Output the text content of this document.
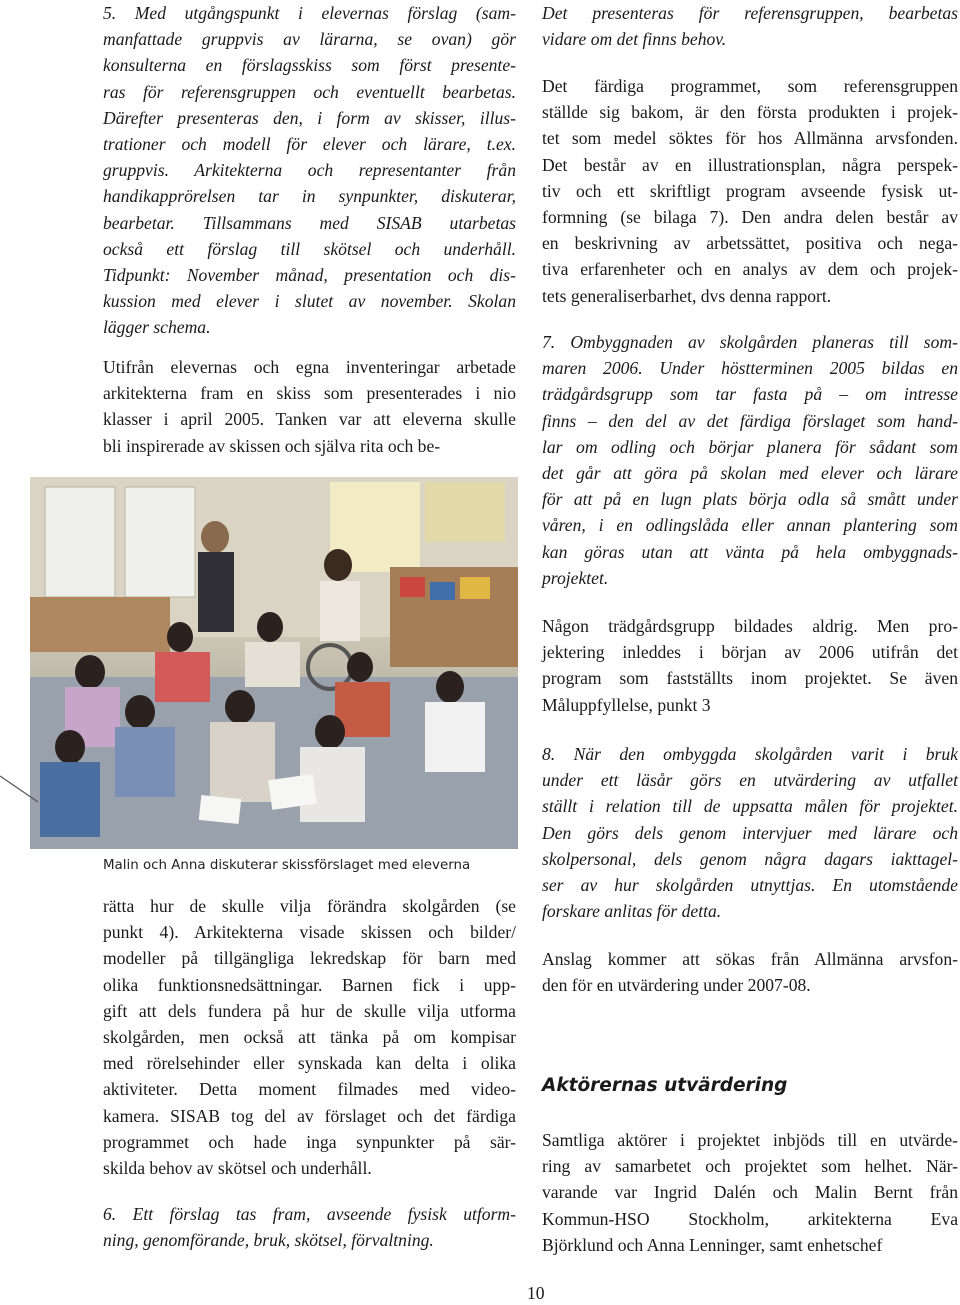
5. Med utgångspunkt i elevernas förslag (sam-
manfattade gruppvis av lärarna, se ovan) gör
konsulterna en förslagsskiss som först presente-
ras för referensgruppen och eventuellt bearbetas.
Därefter presenteras den, i form av skisser, illus-
trationer och modell för elever och lärare, t.ex.
gruppvis. Arkitekterna och representanter från
handikapprörelsen tar in synpunkter, diskuterar,
bearbetar. Tillsammans med SISAB utarbetas
också ett förslag till skötsel och underhåll.
Tidpunkt: November månad, presentation och dis-
kussion med elever i slutet av november. Skolan
lägger schema.
Utifrån elevernas och egna inventeringar arbetade
arkitekterna fram en skiss som presenterades i nio
klasser i april 2005. Tanken var att eleverna skulle
bli inspirerade av skissen och själva rita och be-
Malin och Anna diskuterar skissförslaget med eleverna
rätta hur de skulle vilja förändra skolgården (se
punkt 4). Arkitekterna visade skissen och bilder/
modeller på tillgängliga lekredskap för barn med
olika funktionsnedsättningar. Barnen fick i upp-
gift att dels fundera på hur de skulle vilja utforma
skolgården, men också att tänka på om kompisar
med rörelsehinder eller synskada kan delta i olika
aktiviteter. Detta moment filmades med video-
kamera. SISAB tog del av förslaget och det färdiga
programmet och hade inga synpunkter på sär-
skilda behov av skötsel och underhåll.
6. Ett förslag tas fram, avseende fysisk utform-
ning, genomförande, bruk, skötsel, förvaltning.
Det presenteras för referensgruppen, bearbetas
vidare om det finns behov.
Det färdiga programmet, som referensgruppen
ställde sig bakom, är den första produkten i projek-
tet som medel söktes för hos Allmänna arvsfonden.
Det består av en illustrationsplan, några perspek-
tiv och ett skriftligt program avseende fysisk ut-
formning (se bilaga 7). Den andra delen består av
en beskrivning av arbetssättet, positiva och nega-
tiva erfarenheter och en analys av dem och projek-
tets generaliserbarhet, dvs denna rapport.
7. Ombyggnaden av skolgården planeras till som-
maren 2006. Under höstterminen 2005 bildas en
trädgårdsgrupp som tar fasta på – om intresse
finns – den del av det färdiga förslaget som hand-
lar om odling och börjar planera för sådant som
det går att göra på skolan med elever och lärare
för att på en lugn plats börja odla så smått under
våren, i en odlingslåda eller annan plantering som
kan göras utan att vänta på hela ombyggnads-
projektet.
Någon trädgårdsgrupp bildades aldrig. Men pro-
jektering inleddes i början av 2006 utifrån det
program som fastställts inom projektet. Se även
Måluppfyllelse, punkt 3
8. När den ombyggda skolgården varit i bruk
under ett läsår görs en utvärdering av utfallet
ställt i relation till de uppsatta målen för projektet.
Den görs dels genom intervjuer med lärare och
skolpersonal, dels genom några dagars iakttagel-
ser av hur skolgården utnyttjas. En utomstående
forskare anlitas för detta.
Anslag kommer att sökas från Allmänna arvsfon-
den för en utvärdering under 2007-08.
Aktörernas utvärdering
Samtliga aktörer i projektet inbjöds till en utvärde-
ring av samarbetet och projektet som helhet. När-
varande var Ingrid Dalén och Malin Bernt från
Kommun-HSO Stockholm, arkitekterna Eva
Björklund och Anna Lenninger, samt enhetschef
10
